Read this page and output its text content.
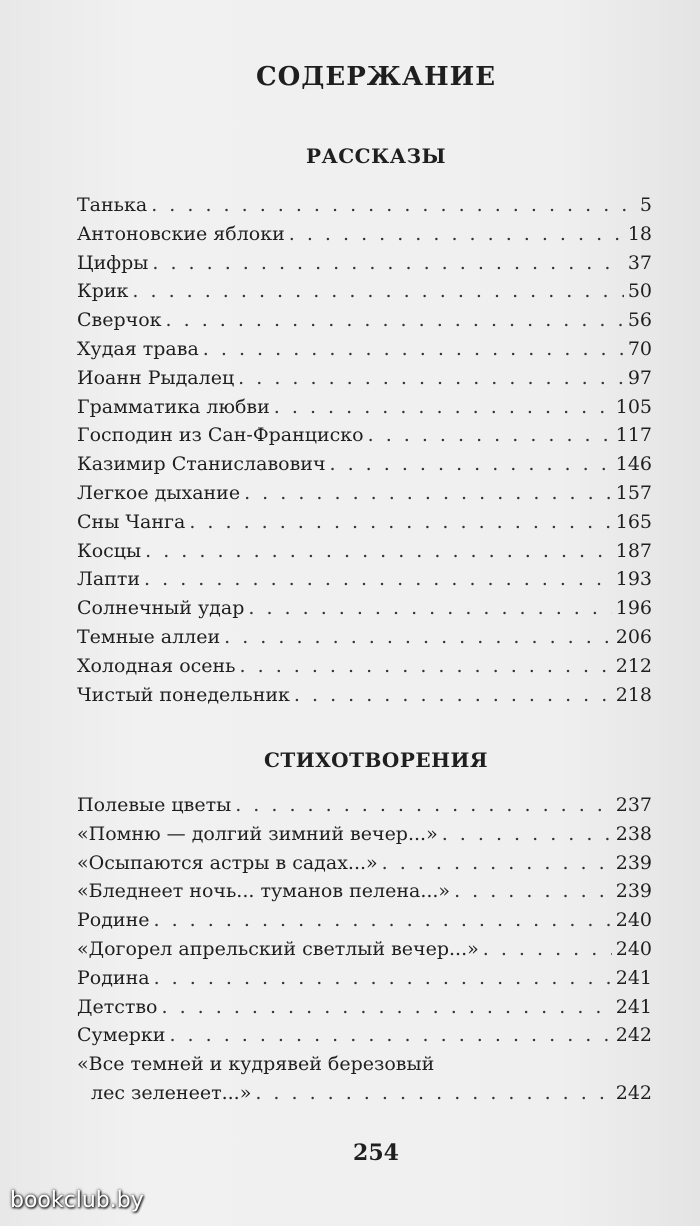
СОДЕРЖАНИЕ
РАССКАЗЫ
Танька . . .	5
Антоновские яблоки . . .	18
Цифры . . .	37
Крик . . .	50
Сверчок . . .	56
Худая трава . . .	70
Иоанн Рыдалец . . .	97
Грамматика любви . . .	105
Господин из Сан-Франциско . . .	117
Казимир Станиславович . . .	146
Легкое дыхание . . .	157
Сны Чанга . . .	165
Косцы . . .	187
Лапти . . .	193
Солнечный удар . . .	196
Темные аллеи . . .	206
Холодная осень . . .	212
Чистый понедельник . . .	218
СТИХОТВОРЕНИЯ
Полевые цветы . . .	237
«Помню — долгий зимний вечер...» . . .	238
«Осыпаются астры в садах...» . . .	239
«Бледнеет ночь... туманов пелена...» . . .	239
Родине . . .	240
«Догорел апрельский светлый вечер...» . . .	240
Родина . . .	241
Детство . . .	241
Сумерки . . .	242
«Все темней и кудрявей березовый
лес зеленеет...» . . .	242
254
bookclub.by
